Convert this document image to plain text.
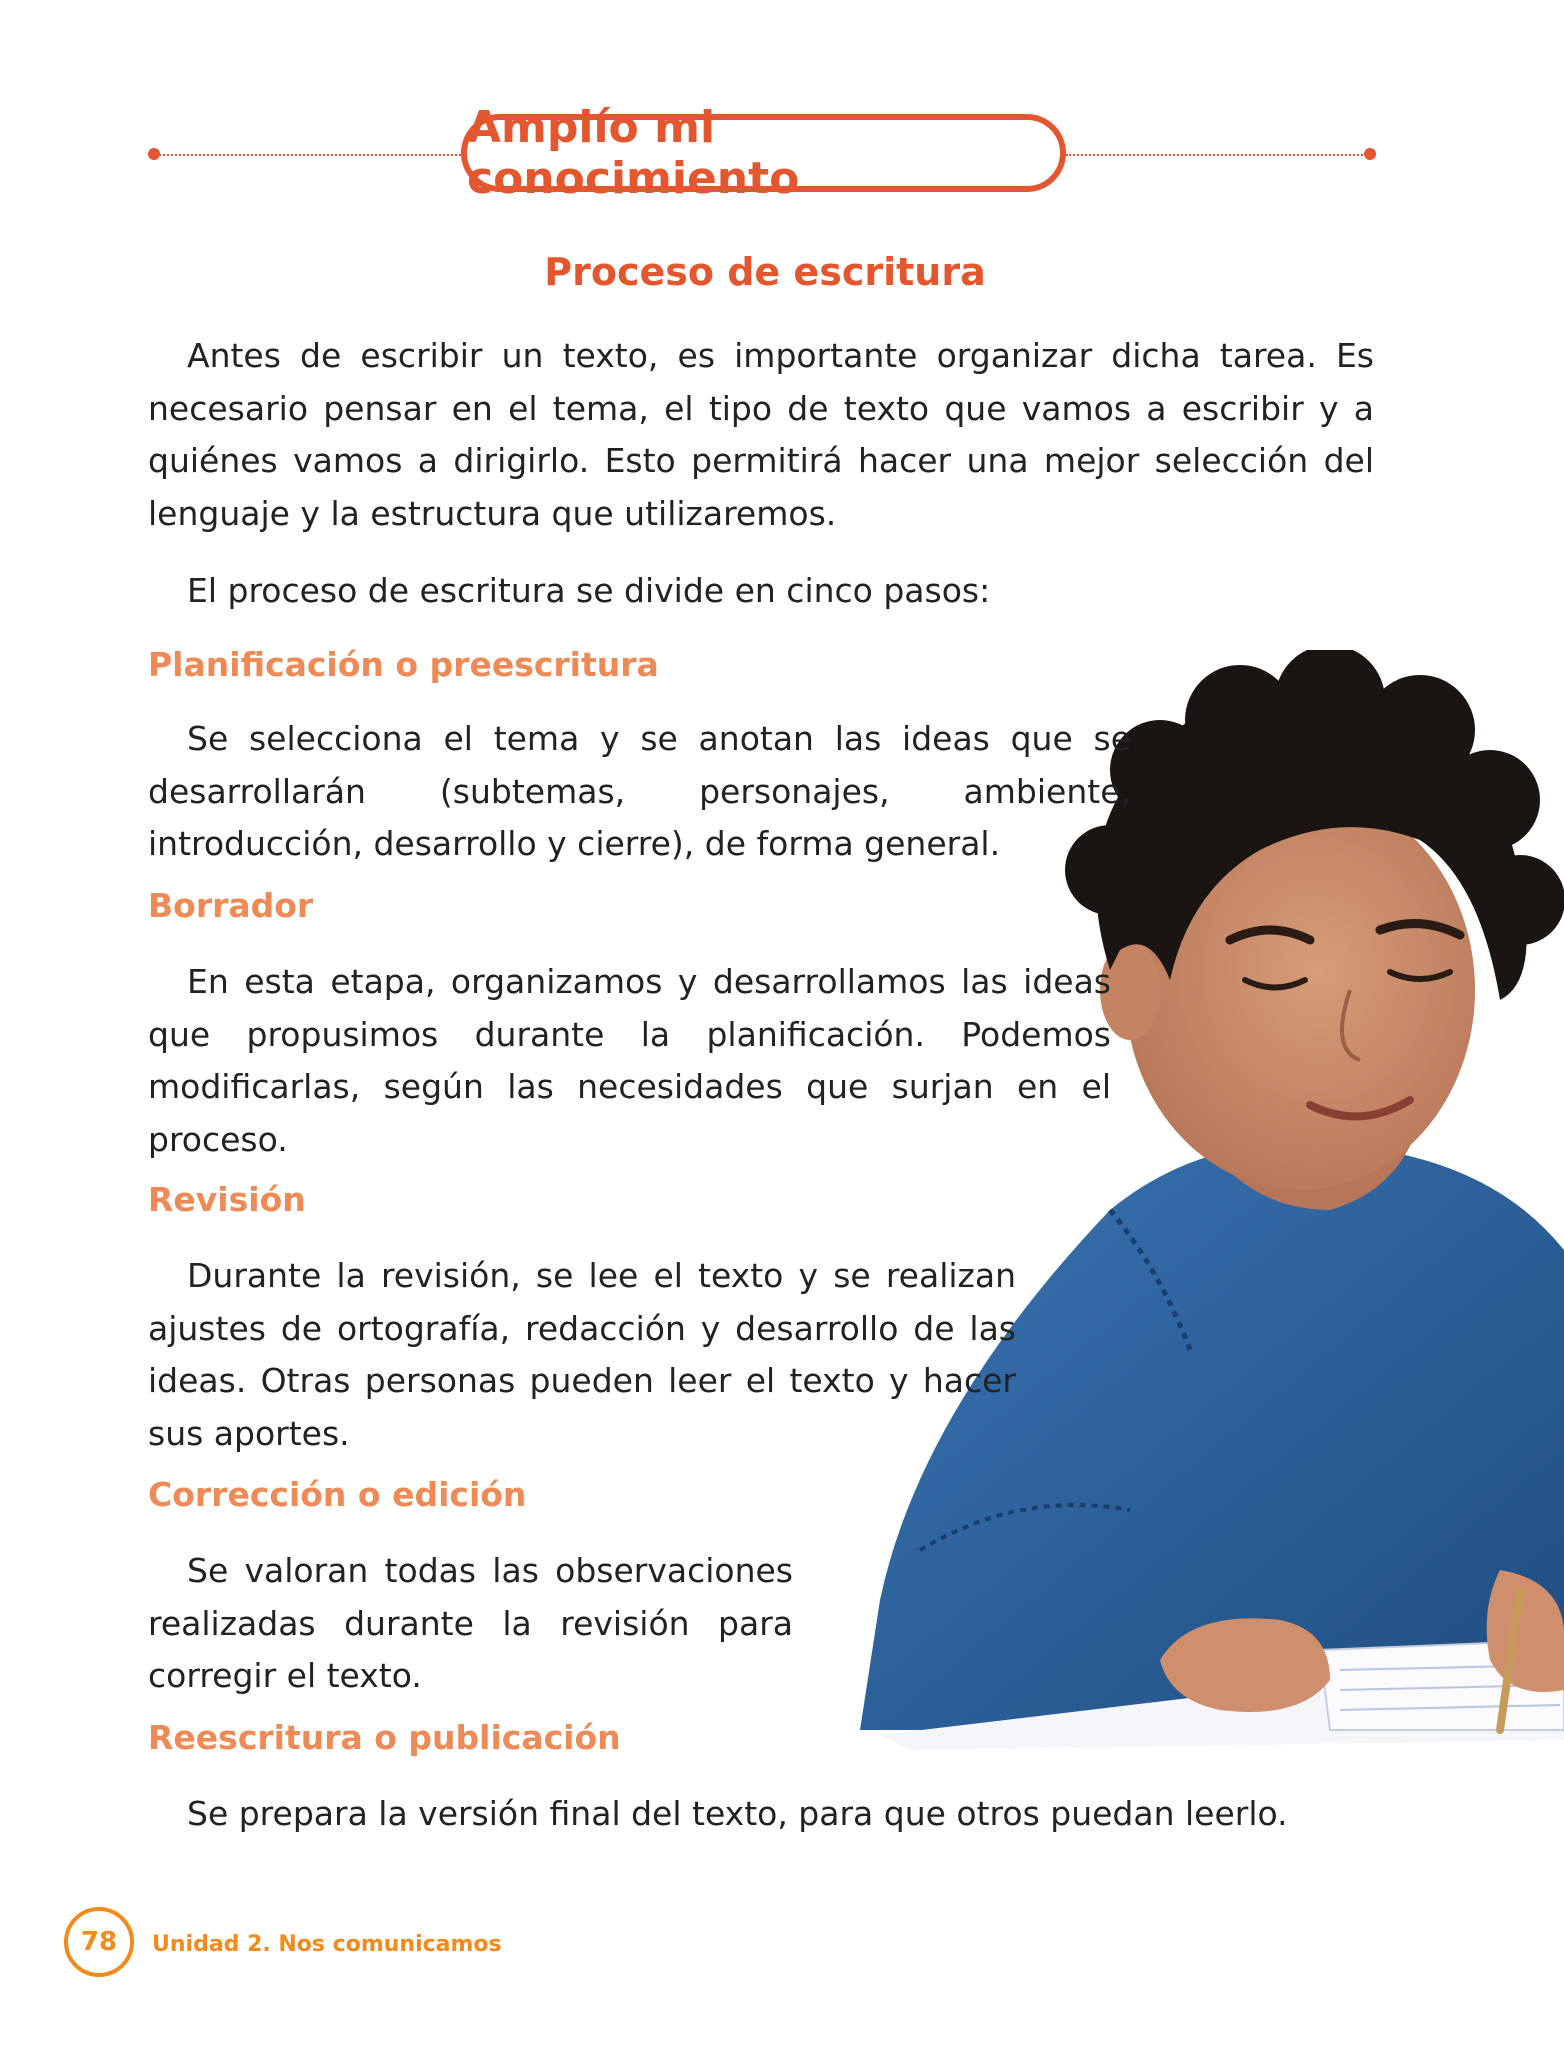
Amplío mi conocimiento
Proceso de escritura

Antes de escribir un texto, es importante organizar dicha tarea. Es necesario pensar en el tema, el tipo de texto que vamos a escribir y a quiénes vamos a dirigirlo. Esto permitirá hacer una mejor selección del lenguaje y la estructura que utilizaremos.

El proceso de escritura se divide en cinco pasos:

Planificación o preescritura

Se selecciona el tema y se anotan las ideas que se desarrollarán (subtemas, personajes, ambiente, introducción, desarrollo y cierre), de forma general.

Borrador

En esta etapa, organizamos y desarrollamos las ideas que propusimos durante la planificación. Podemos modificarlas, según las necesidades que surjan en el proceso.

Revisión

Durante la revisión, se lee el texto y se realizan ajustes de ortografía, redacción y desarrollo de las ideas. Otras personas pueden leer el texto y hacer sus aportes.

Corrección o edición

Se valoran todas las observaciones realizadas durante la revisión para corregir el texto.

Reescritura o publicación

Se prepara la versión final del texto, para que otros puedan leerlo.

78 Unidad 2. Nos comunicamos
